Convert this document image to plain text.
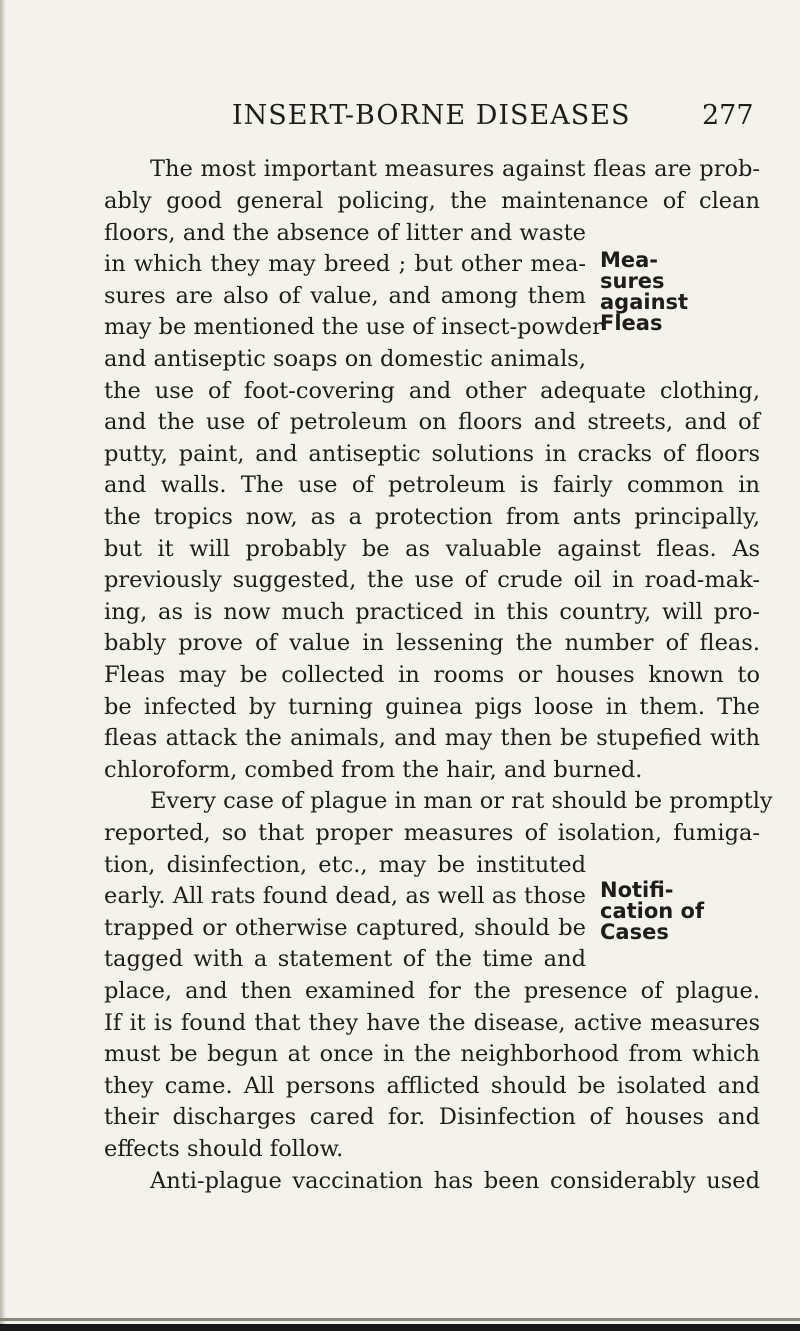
INSERT-BORNE DISEASES	277
The most important measures against fleas are prob-
ably good general policing, the maintenance of clean
floors, and the absence of litter and waste
in which they may breed ; but other mea-
sures are also of value, and among them
may be mentioned the use of insect-powder
and antiseptic soaps on domestic animals,
the use of foot-covering and other adequate clothing,
and the use of petroleum on floors and streets, and of
putty, paint, and antiseptic solutions in cracks of floors
and walls. The use of petroleum is fairly common in
the tropics now, as a protection from ants principally,
but it will probably be as valuable against fleas. As
previously suggested, the use of crude oil in road-mak-
ing, as is now much practiced in this country, will pro-
bably prove of value in lessening the number of fleas.
Fleas may be collected in rooms or houses known to
be infected by turning guinea pigs loose in them. The
fleas attack the animals, and may then be stupefied with
chloroform, combed from the hair, and burned.
Every case of plague in man or rat should be promptly
reported, so that proper measures of isolation, fumiga-
tion, disinfection, etc., may be instituted
early. All rats found dead, as well as those
trapped or otherwise captured, should be
tagged with a statement of the time and
place, and then examined for the presence of plague.
If it is found that they have the disease, active measures
must be begun at once in the neighborhood from which
they came. All persons afflicted should be isolated and
their discharges cared for. Disinfection of houses and
effects should follow.
Anti-plague vaccination has been considerably used
Mea-
sures
against
Fleas
Notifi-
cation of
Cases
